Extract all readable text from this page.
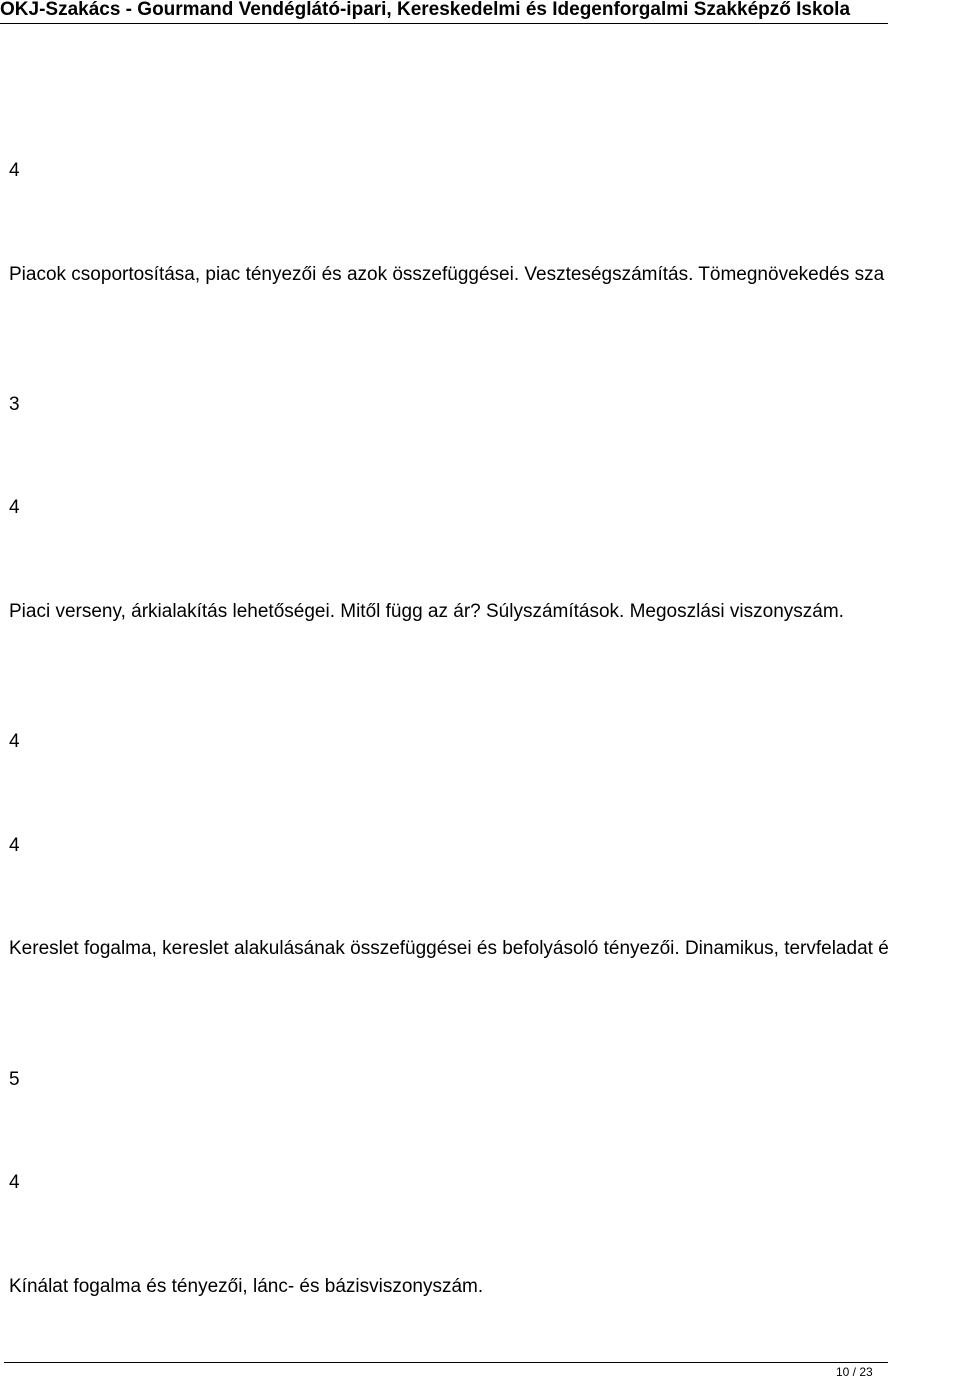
OKJ-Szakács - Gourmand Vendéglátó-ipari, Kereskedelmi és Idegenforgalmi Szakképző Iskola
4
Piacok csoportosítása, piac tényezői és azok összefüggései. Veszteségszámítás. Tömegnövekedés sza
3
4
Piaci verseny, árkialakítás lehetőségei. Mitől függ az ár? Súlyszámítások. Megoszlási viszonyszám.
4
4
Kereslet fogalma, kereslet alakulásának összefüggései és befolyásoló tényezői. Dinamikus, tervfeladat é
5
4
Kínálat fogalma és tényezői, lánc- és bázisviszonyszám.
10 / 23
